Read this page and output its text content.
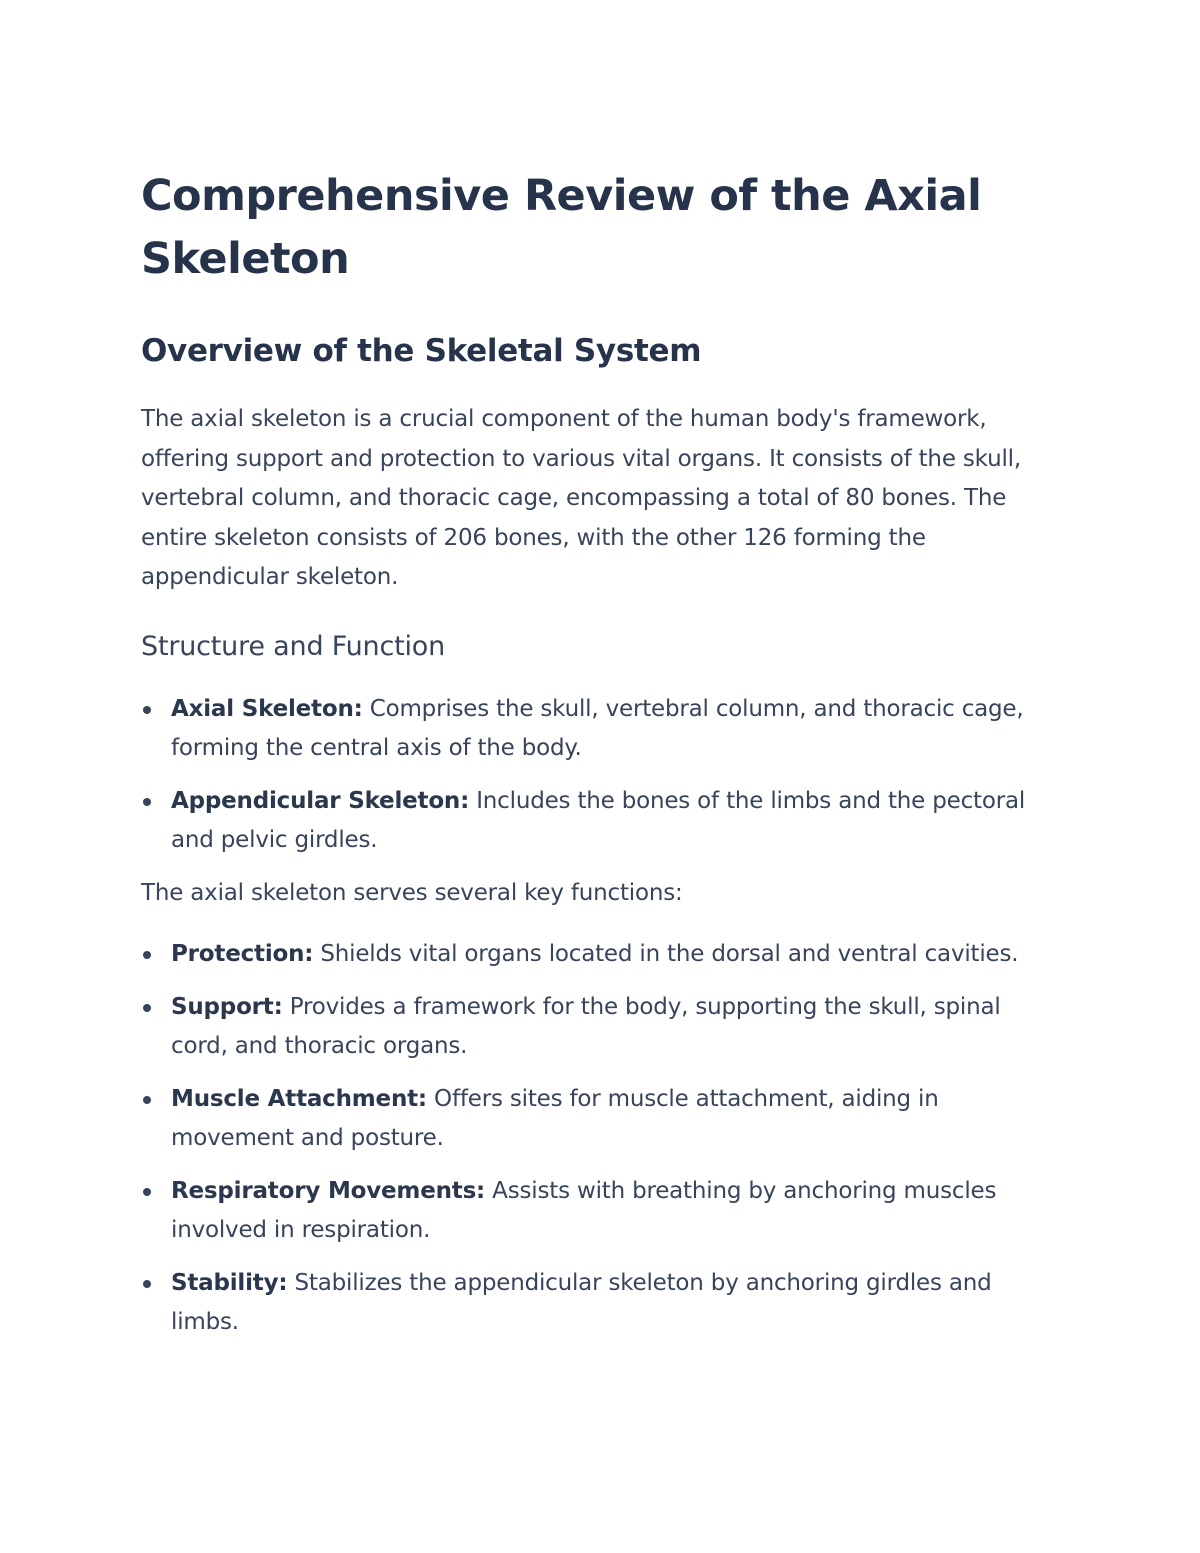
Comprehensive Review of the Axial Skeleton
Overview of the Skeletal System

The axial skeleton is a crucial component of the human body's framework, offering support and protection to various vital organs. It consists of the skull, vertebral column, and thoracic cage, encompassing a total of 80 bones. The entire skeleton consists of 206 bones, with the other 126 forming the appendicular skeleton.

Structure and Function
Axial Skeleton: Comprises the skull, vertebral column, and thoracic cage, forming the central axis of the body.
Appendicular Skeleton: Includes the bones of the limbs and the pectoral and pelvic girdles.

The axial skeleton serves several key functions:

Protection: Shields vital organs located in the dorsal and ventral cavities.
Support: Provides a framework for the body, supporting the skull, spinal cord, and thoracic organs.
Muscle Attachment: Offers sites for muscle attachment, aiding in movement and posture.
Respiratory Movements: Assists with breathing by anchoring muscles involved in respiration.
Stability: Stabilizes the appendicular skeleton by anchoring girdles and limbs.
